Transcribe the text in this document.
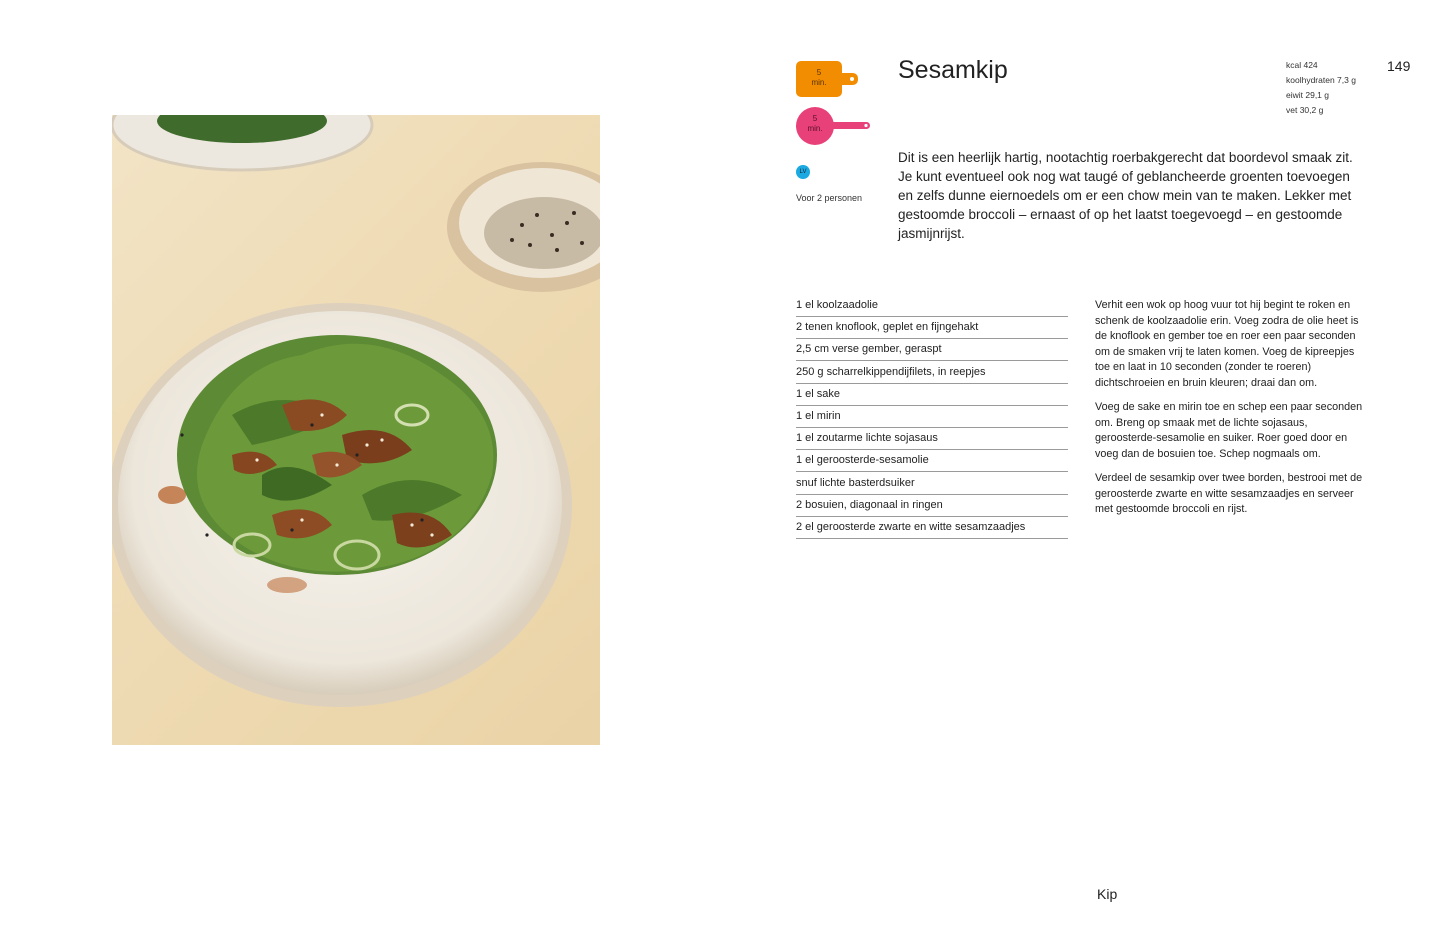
5
min.
5
min.
LV
Voor 2 personen
Sesamkip	kcal 424
koolhydraten 7,3 g
eiwit 29,1 g
vet 30,2 g
149

Dit is een heerlijk hartig, nootachtig roerbakgerecht dat boordevol smaak zit. Je kunt eventueel ook nog wat taugé of geblancheerde groenten toevoegen en zelfs dunne eiernoedels om er een chow mein van te maken. Lekker met gestoomde broccoli – ernaast of op het laatst toegevoegd – en gestoomde jasmijnrijst.

1 el koolzaadolie
2 tenen knoflook, geplet en fijngehakt
2,5 cm verse gember, geraspt
250 g scharrelkippendijfilets, in reepjes
1 el sake
1 el mirin
1 el zoutarme lichte sojasaus
1 el geroosterde-sesamolie
snuf lichte basterdsuiker
2 bosuien, diagonaal in ringen
2 el geroosterde zwarte en witte sesamzaadjes

Verhit een wok op hoog vuur tot hij begint te roken en schenk de koolzaadolie erin. Voeg zodra de olie heet is de knoflook en gember toe en roer een paar seconden om de smaken vrij te laten komen. Voeg de kipreepjes toe en laat in 10 seconden (zonder te roeren) dichtschroeien en bruin kleuren; draai dan om.

Voeg de sake en mirin toe en schep een paar seconden om. Breng op smaak met de lichte sojasaus, geroosterde-sesamolie en suiker. Roer goed door en voeg dan de bosuien toe. Schep nogmaals om.

Verdeel de sesamkip over twee borden, bestrooi met de geroosterde zwarte en witte sesamzaadjes en serveer met gestoomde broccoli en rijst.

Kip
